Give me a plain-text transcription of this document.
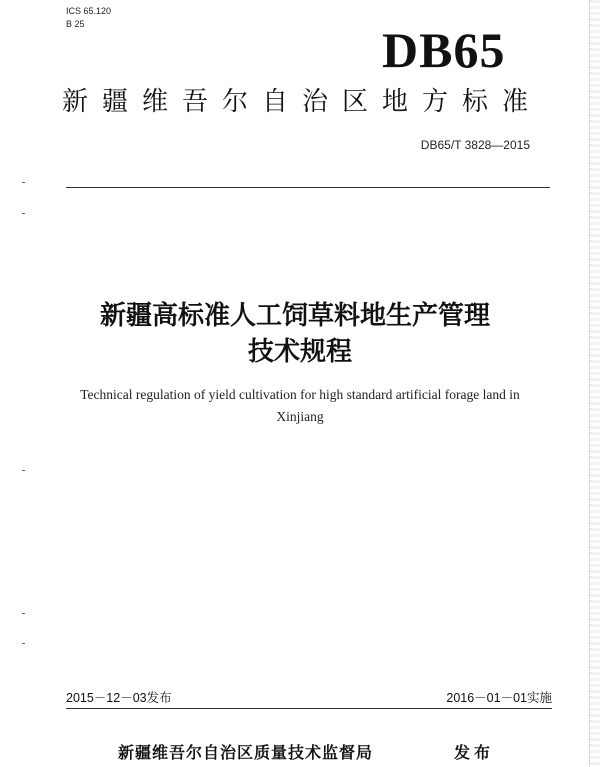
ICS 65.120
B 25	DB65
新疆维吾尔自治区地方标准
DB65/T 3828—2015
新疆高标准人工饲草料地生产管理
技术规程
Technical regulation of yield cultivation for high standard artificial forage land in
Xinjiang
2015－12－03发布	2016－01－01实施
新疆维吾尔自治区质量技术监督局	发布
